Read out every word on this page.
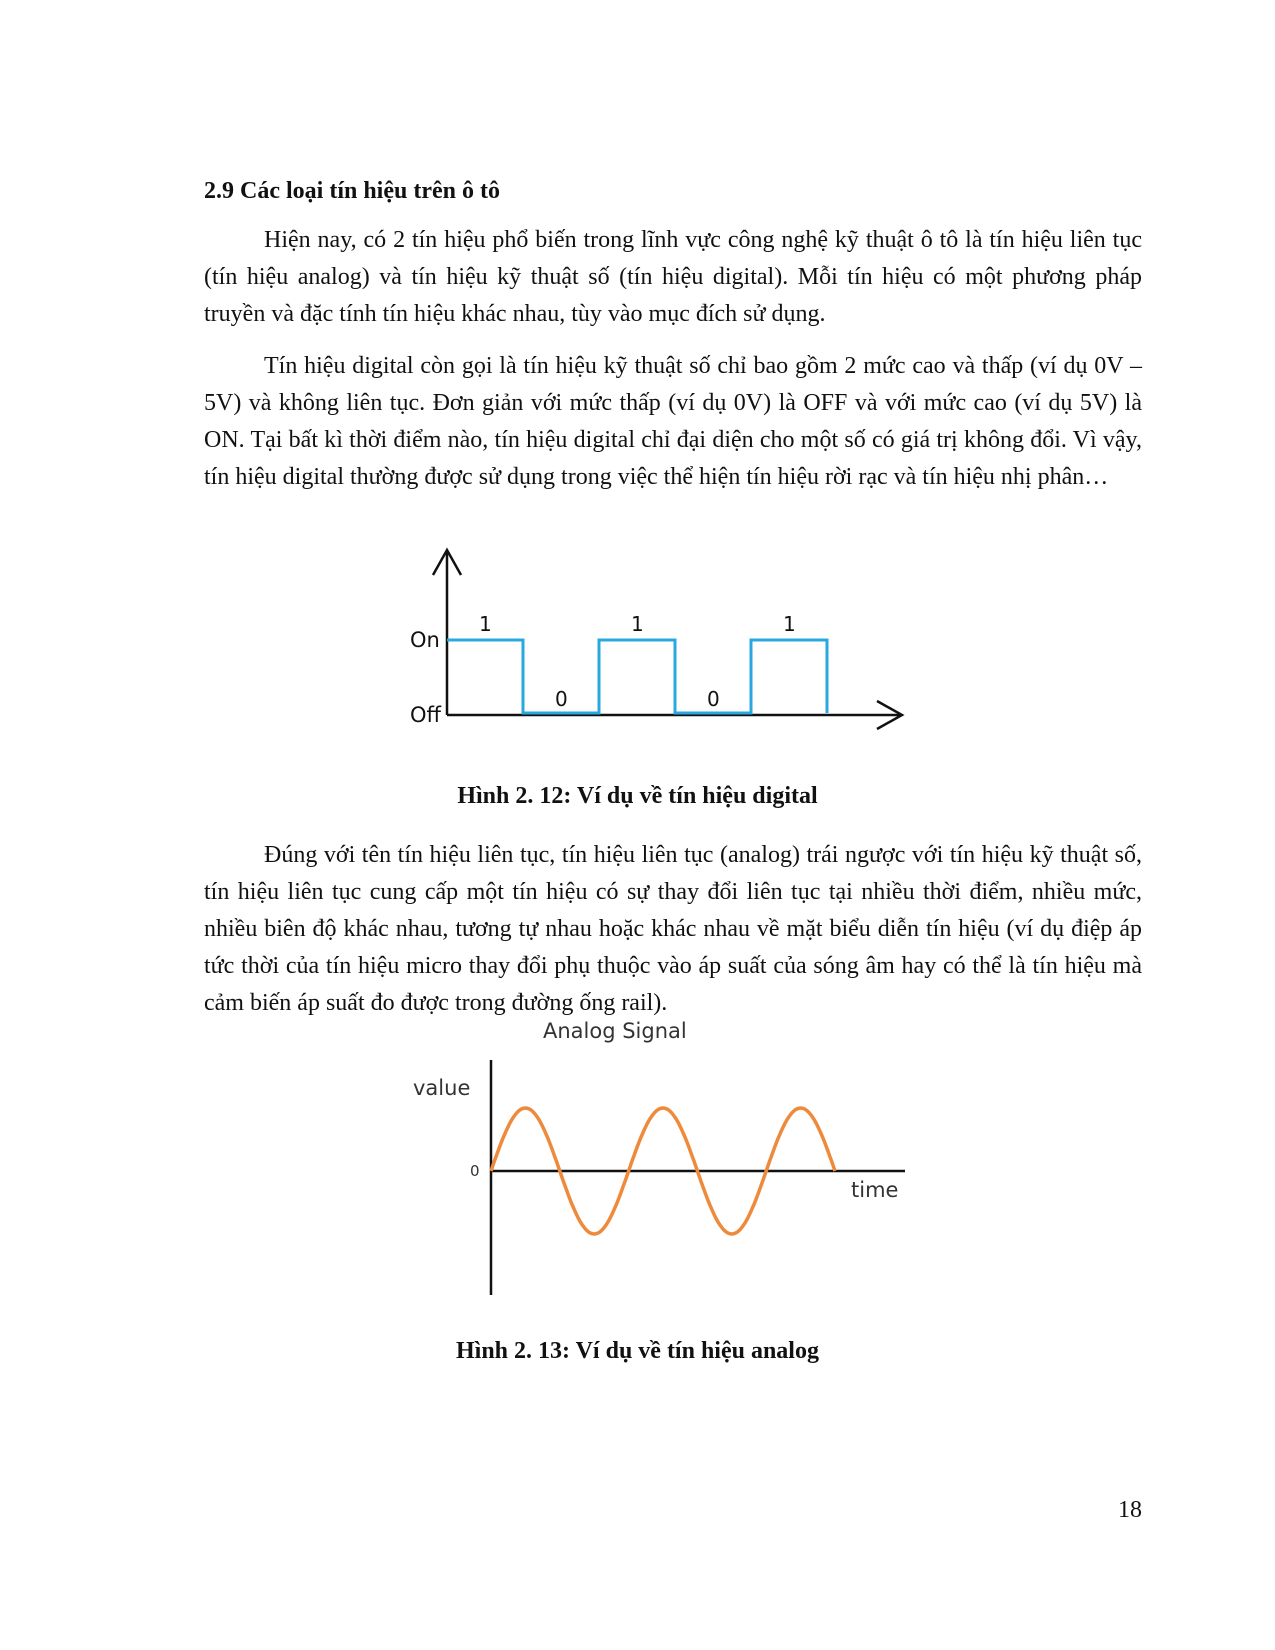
2.9 Các loại tín hiệu trên ô tô

Hiện nay, có 2 tín hiệu phổ biến trong lĩnh vực công nghệ kỹ thuật ô tô là tín hiệu liên tục (tín hiệu analog) và tín hiệu kỹ thuật số (tín hiệu digital). Mỗi tín hiệu có một phương pháp truyền và đặc tính tín hiệu khác nhau, tùy vào mục đích sử dụng.

Tín hiệu digital còn gọi là tín hiệu kỹ thuật số chỉ bao gồm 2 mức cao và thấp (ví dụ 0V – 5V) và không liên tục. Đơn giản với mức thấp (ví dụ 0V) là OFF và với mức cao (ví dụ 5V) là ON. Tại bất kì thời điểm nào, tín hiệu digital chỉ đại diện cho một số có giá trị không đổi. Vì vậy, tín hiệu digital thường được sử dụng trong việc thể hiện tín hiệu rời rạc và tín hiệu nhị phân…

On
Off
1
0
1
0
1

Hình 2. 12: Ví dụ về tín hiệu digital

Đúng với tên tín hiệu liên tục, tín hiệu liên tục (analog) trái ngược với tín hiệu kỹ thuật số, tín hiệu liên tục cung cấp một tín hiệu có sự thay đổi liên tục tại nhiều thời điểm, nhiều mức, nhiều biên độ khác nhau, tương tự nhau hoặc khác nhau về mặt biểu diễn tín hiệu (ví dụ điệp áp tức thời của tín hiệu micro thay đổi phụ thuộc vào áp suất của sóng âm hay có thể là tín hiệu mà cảm biến áp suất đo được trong đường ống rail).

Analog Signal
value
0
time

Hình 2. 13: Ví dụ về tín hiệu analog

18
